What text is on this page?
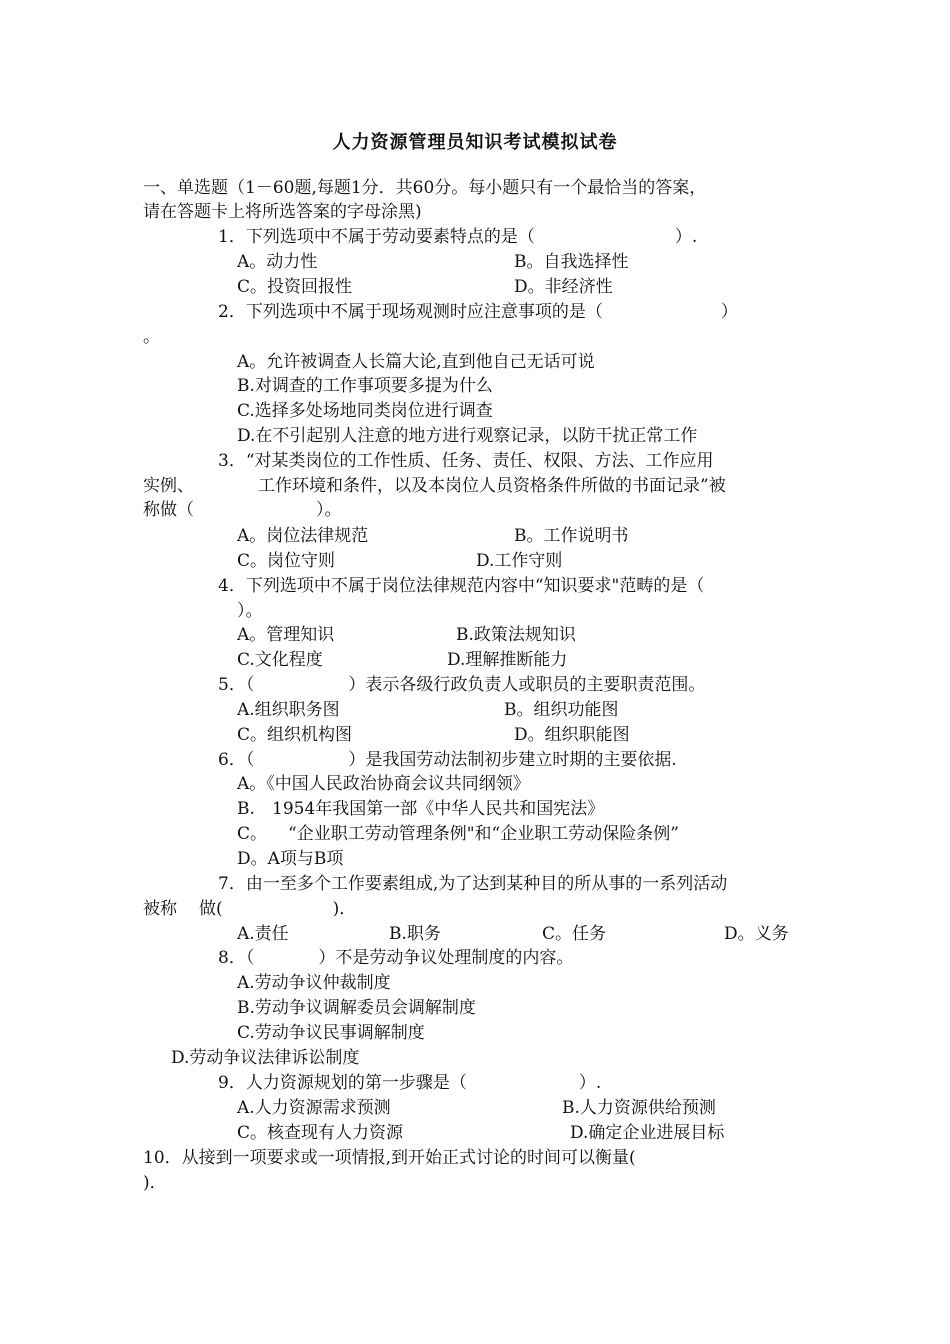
人力资源管理员知识考试模拟试卷
一、单选题（1－60题,每题1分．共60分。每小题只有一个最恰当的答案，
请在答题卡上将所选答案的字母涂黑)
1．下列选项中不属于劳动要素特点的是（	）.
A。动力性	B。自我选择性
C。投资回报性	D。非经济性
2．下列选项中不属于现场观测时应注意事项的是（	）
。
A。允许被调查人长篇大论,直到他自己无话可说
B.对调查的工作事项要多提为什么
C.选择多处场地同类岗位进行调查
D.在不引起别人注意的地方进行观察记录，以防干扰正常工作
3．“对某类岗位的工作性质、任务、责任、权限、方法、工作应用
实例、	工作环境和条件，以及本岗位人员资格条件所做的书面记录”被
称做（	）。
A。岗位法律规范	B。工作说明书
C。岗位守则	D.工作守则
4．下列选项中不属于岗位法律规范内容中“知识要求"范畴的是（
）。
A。管理知识	B.政策法规知识
C.文化程度	D.理解推断能力
5．（	）表示各级行政负责人或职员的主要职责范围。
A.组织职务图	B。组织功能图
C。组织机构图	D。组织职能图
6．（	）是我国劳动法制初步建立时期的主要依据.
A。《中国人民政治协商会议共同纲领》
B. 1954年我国第一部《中华人民共和国宪法》
C。 “企业职工劳动管理条例"和“企业职工劳动保险条例”
D。A项与B项
7．由一至多个工作要素组成,为了达到某种目的所从事的一系列活动
被称 做(	)．
A.责任	B.职务	C。任务	D。义务
8．（	）不是劳动争议处理制度的内容。
A.劳动争议仲裁制度
B.劳动争议调解委员会调解制度
C.劳动争议民事调解制度
D.劳动争议法律诉讼制度
9．人力资源规划的第一步骤是（	）.
A.人力资源需求预测	B.人力资源供给预测
C。核查现有人力资源	D.确定企业进展目标
10．从接到一项要求或一项情报,到开始正式讨论的时间可以衡量(
)．
